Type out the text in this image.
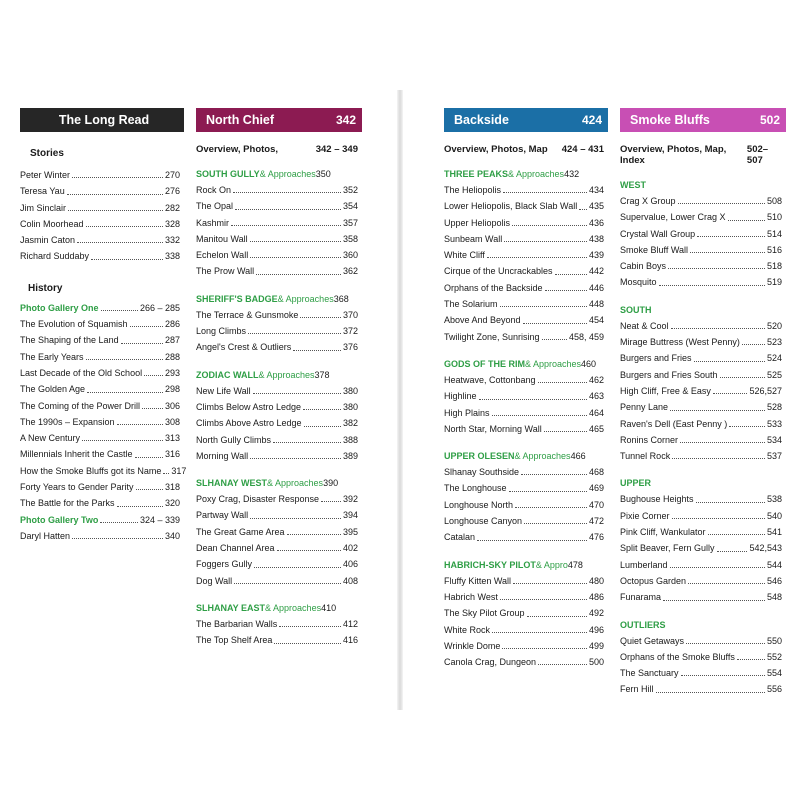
The Long Read
Stories
Peter Winter	270
Teresa Yau	276
Jim Sinclair	282
Colin Moorhead	328
Jasmin Caton	332
Richard Suddaby	338
History
Photo Gallery One	266 – 285
The Evolution of Squamish	286
The Shaping of the Land	287
The Early Years	288
Last Decade of the Old School	293
The Golden Age	298
The Coming of the Power Drill	306
The 1990s – Expansion	308
A New Century	313
Millennials Inherit the Castle	316
How the Smoke Bluffs got its Name 317
Forty Years to Gender Parity	318
The Battle for the Parks	320
Photo Gallery Two	324 – 339
Daryl Hatten	340
North Chief	342
Overview, Photos,	342 – 349
SOUTH GULLY & Approaches 350
Rock On	352
The Opal	354
Kashmir	357
Manitou Wall	358
Echelon Wall	360
The Prow Wall	362
SHERIFF'S BADGE & Approaches 368
The Terrace & Gunsmoke	370
Long Climbs	372
Angel's Crest & Outliers	376
ZODIAC WALL & Approaches 378
New Life Wall	380
Climbs Below Astro Ledge	380
Climbs Above Astro Ledge	382
North Gully Climbs	388
Morning Wall	389
SLHANAY WEST & Approaches 390
Poxy Crag, Disaster Response	392
Partway Wall	394
The Great Game Area	395
Dean Channel Area	402
Foggers Gully	406
Dog Wall	408
SLHANAY EAST & Approaches 410
The Barbarian Walls	412
The Top Shelf Area	416
Backside	424
Overview, Photos, Map 424 – 431
THREE PEAKS & Approaches 432
The Heliopolis	434
Lower Heliopolis, Black Slab Wall 435
Upper Heliopolis	436
Sunbeam Wall	438
White Cliff	439
Cirque of the Uncrackables	442
Orphans of the Backside	446
The Solarium	448
Above And Beyond	454
Twilight Zone, Sunrising	458, 459
GODS OF THE RIM & Approaches 460
Heatwave, Cottonbang	462
Highline	463
High Plains	464
North Star, Morning Wall	465
UPPER OLESEN & Approaches 466
Slhanay Southside	468
The Longhouse	469
Longhouse North	470
Longhouse Canyon	472
Catalan	476
HABRICH-SKY PILOT & Appro 478
Fluffy Kitten Wall	480
Habrich West	486
The Sky Pilot Group	492
White Rock	496
Wrinkle Dome	499
Canola Crag, Dungeon	500
Smoke Bluffs	502
Overview, Photos, Map, Index
502–507
WEST
Crag X Group	508
Supervalue, Lower Crag X	510
Crystal Wall Group	514
Smoke Bluff Wall	516
Cabin Boys	518
Mosquito	519
SOUTH
Neat & Cool	520
Mirage Buttress (West Penny)	523
Burgers and Fries	524
Burgers and Fries South	525
High Cliff, Free & Easy	526,527
Penny Lane	528
Raven's Dell (East Penny )	533
Ronins Corner	534
Tunnel Rock	537
UPPER
Bughouse Heights	538
Pixie Corner	540
Pink Cliff, Wankulator	541
Split Beaver, Fern Gully	542,543
Lumberland	544
Octopus Garden	546
Funarama	548
OUTLIERS
Quiet Getaways	550
Orphans of the Smoke Bluffs	552
The Sanctuary	554
Fern Hill	556
